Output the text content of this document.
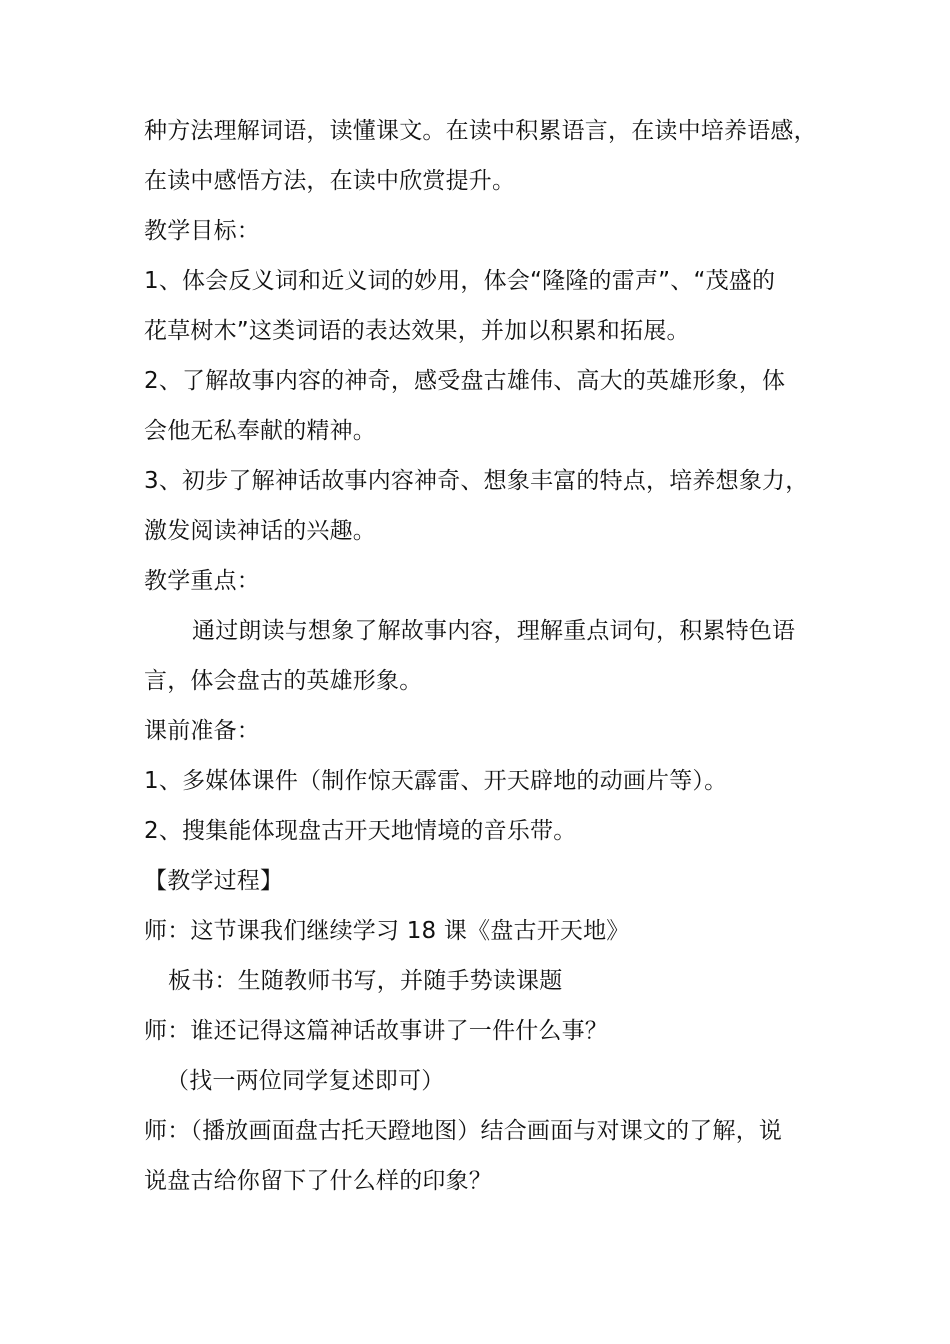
种方法理解词语，读懂课文。在读中积累语言，在读中培养语感，
在读中感悟方法，在读中欣赏提升。
教学目标：
1、体会反义词和近义词的妙用，体会“隆隆的雷声”、“茂盛的
花草树木”这类词语的表达效果，并加以积累和拓展。
2、了解故事内容的神奇，感受盘古雄伟、高大的英雄形象，体
会他无私奉献的精神。
3、初步了解神话故事内容神奇、想象丰富的特点，培养想象力，
激发阅读神话的兴趣。
教学重点：
通过朗读与想象了解故事内容，理解重点词句，积累特色语
言，体会盘古的英雄形象。
课前准备：
1、多媒体课件（制作惊天霹雷、开天辟地的动画片等）。
2、搜集能体现盘古开天地情境的音乐带。
【教学过程】
师：这节课我们继续学习 18 课《盘古开天地》
板书：生随教师书写，并随手势读课题
师：谁还记得这篇神话故事讲了一件什么事？
（找一两位同学复述即可）
师：（播放画面盘古托天蹬地图）结合画面与对课文的了解，说
说盘古给你留下了什么样的印象？
